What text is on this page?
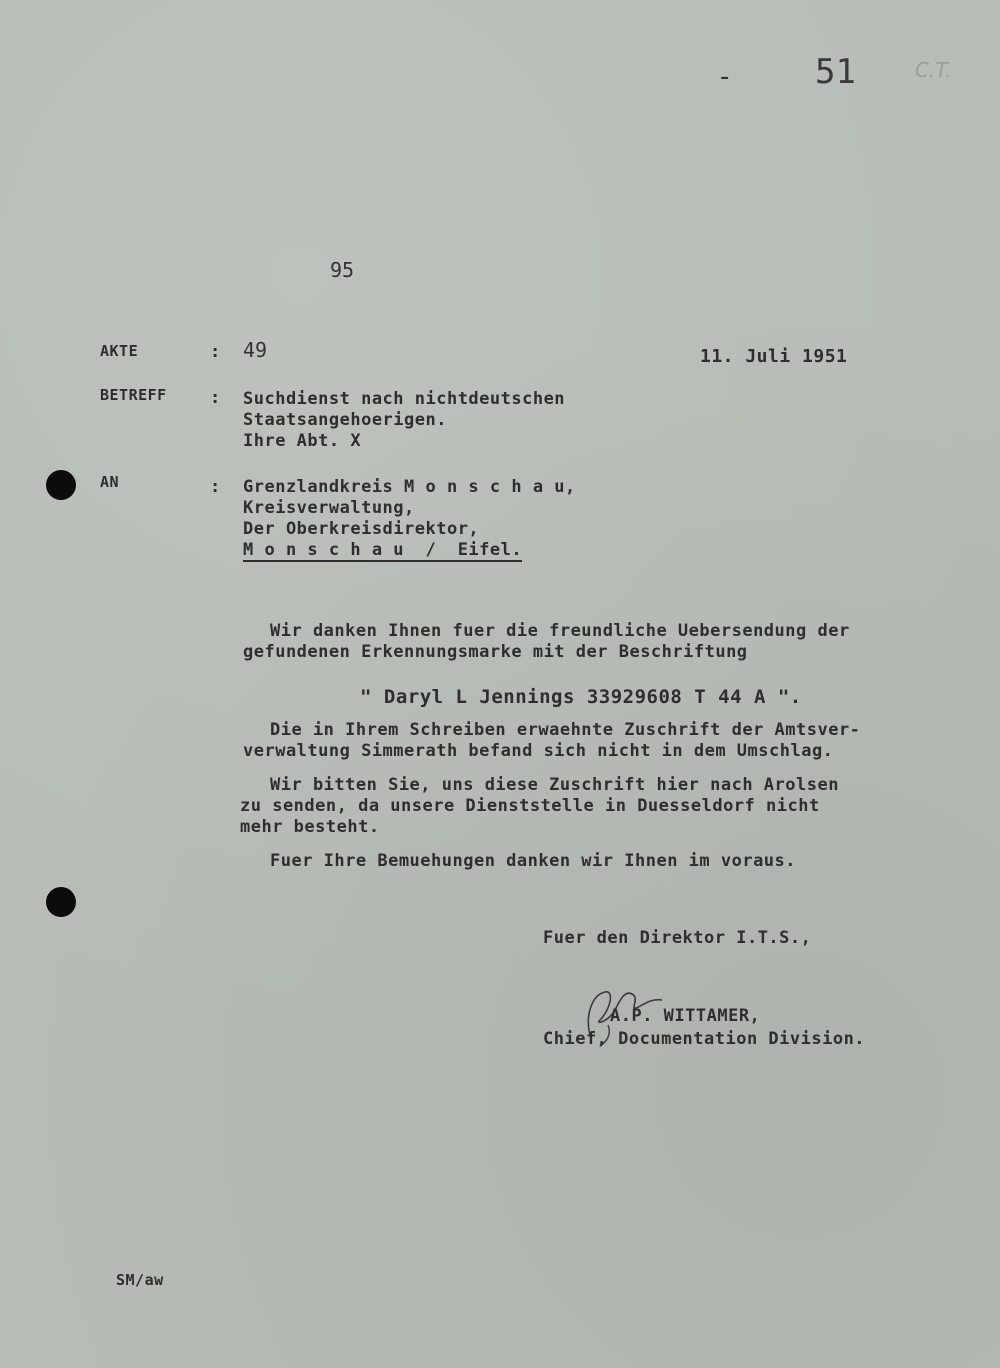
-	51	C.T.
95
AKTE	: 49	11. Juli 1951
BETREFF	: Suchdienst nach nichtdeutschen
Staatsangehoerigen.
Ihre Abt. X
AN	: Grenzlandkreis M o n s c h a u,
Kreisverwaltung,
Der Oberkreisdirektor,
M o n s c h a u  /  Eifel.
Wir danken Ihnen fuer die freundliche Uebersendung der
gefundenen Erkennungsmarke mit der Beschriftung
" Daryl L Jennings 33929608 T 44 A ".
Die in Ihrem Schreiben erwaehnte Zuschrift der Amtsver-
verwaltung Simmerath befand sich nicht in dem Umschlag.
Wir bitten Sie, uns diese Zuschrift hier nach Arolsen
zu senden, da unsere Dienststelle in Duesseldorf nicht
mehr besteht.
Fuer Ihre Bemuehungen danken wir Ihnen im voraus.
Fuer den Direktor I.T.S.,
A.P. WITTAMER,
Chief, Documentation Division.
SM/aw
